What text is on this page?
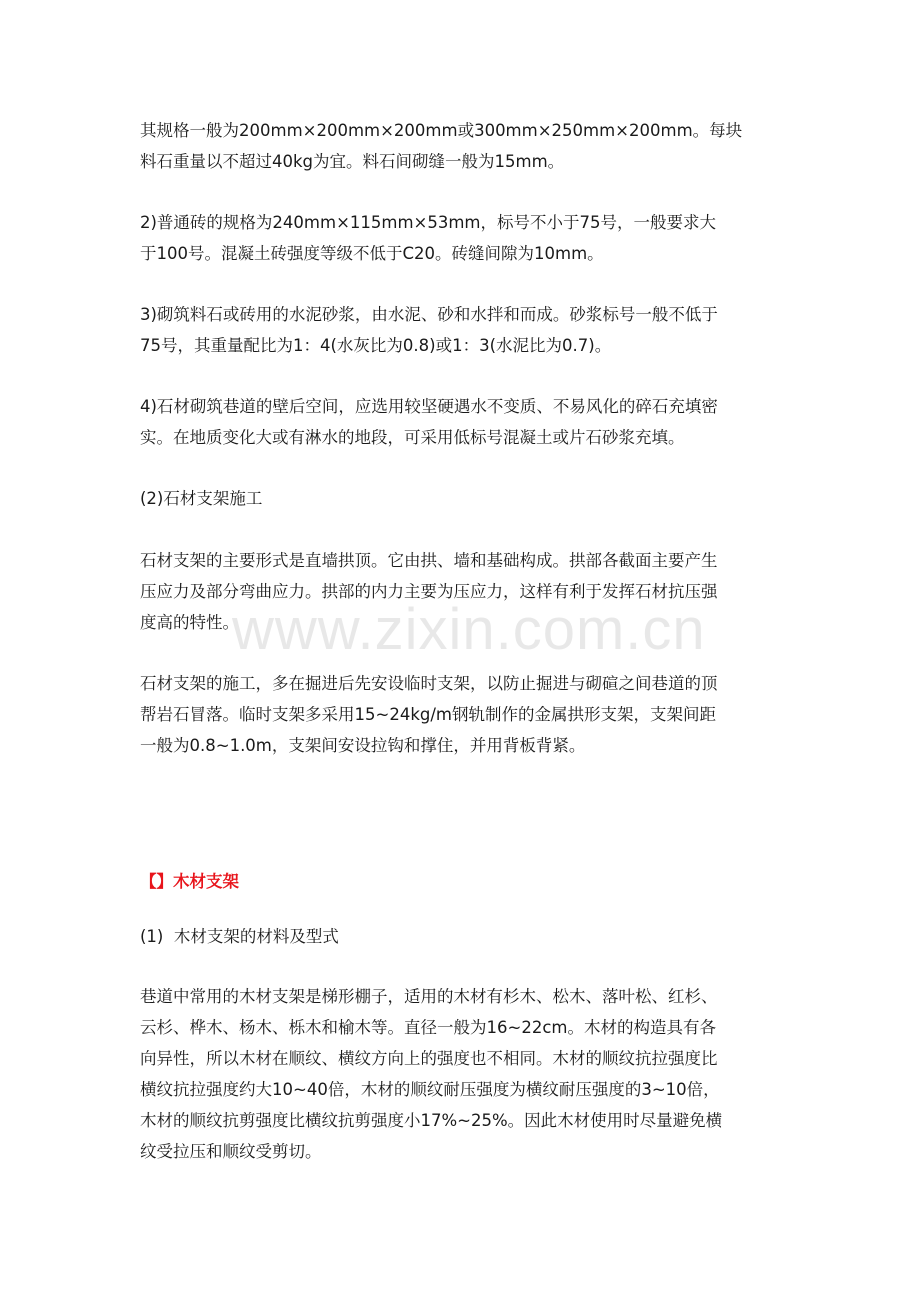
其规格一般为200mm×200mm×200mm或300mm×250mm×200mm。每块
料石重量以不超过40kg为宜。料石间砌缝一般为15mm。

2)普通砖的规格为240mm×115mm×53mm，标号不小于75号，一般要求大
于100号。混凝土砖强度等级不低于C20。砖缝间隙为10mm。

3)砌筑料石或砖用的水泥砂浆，由水泥、砂和水拌和而成。砂浆标号一般不低于
75号，其重量配比为1：4(水灰比为0.8)或1：3(水泥比为0.7)。

4)石材砌筑巷道的壁后空间，应选用较坚硬遇水不变质、不易风化的碎石充填密
实。在地质变化大或有淋水的地段，可采用低标号混凝土或片石砂浆充填。

(2)石材支架施工

石材支架的主要形式是直墙拱顶。它由拱、墙和基础构成。拱部各截面主要产生
压应力及部分弯曲应力。拱部的内力主要为压应力，这样有利于发挥石材抗压强
度高的特性。

石材支架的施工，多在掘进后先安设临时支架，以防止掘进与砌碹之间巷道的顶
帮岩石冒落。临时支架多采用15~24kg/m钢轨制作的金属拱形支架，支架间距
一般为0.8~1.0m，支架间安设拉钩和撑住，并用背板背紧。

【】木材支架

(1)  木材支架的材料及型式

巷道中常用的木材支架是梯形棚子，适用的木材有杉木、松木、落叶松、红杉、
云杉、桦木、杨木、栎木和榆木等。直径一般为16~22cm。木材的构造具有各
向异性，所以木材在顺纹、横纹方向上的强度也不相同。木材的顺纹抗拉强度比
横纹抗拉强度约大10~40倍，木材的顺纹耐压强度为横纹耐压强度的3~10倍，
木材的顺纹抗剪强度比横纹抗剪强度小17%~25%。因此木材使用时尽量避免横
纹受拉压和顺纹受剪切。

www.zixin.com.cn
